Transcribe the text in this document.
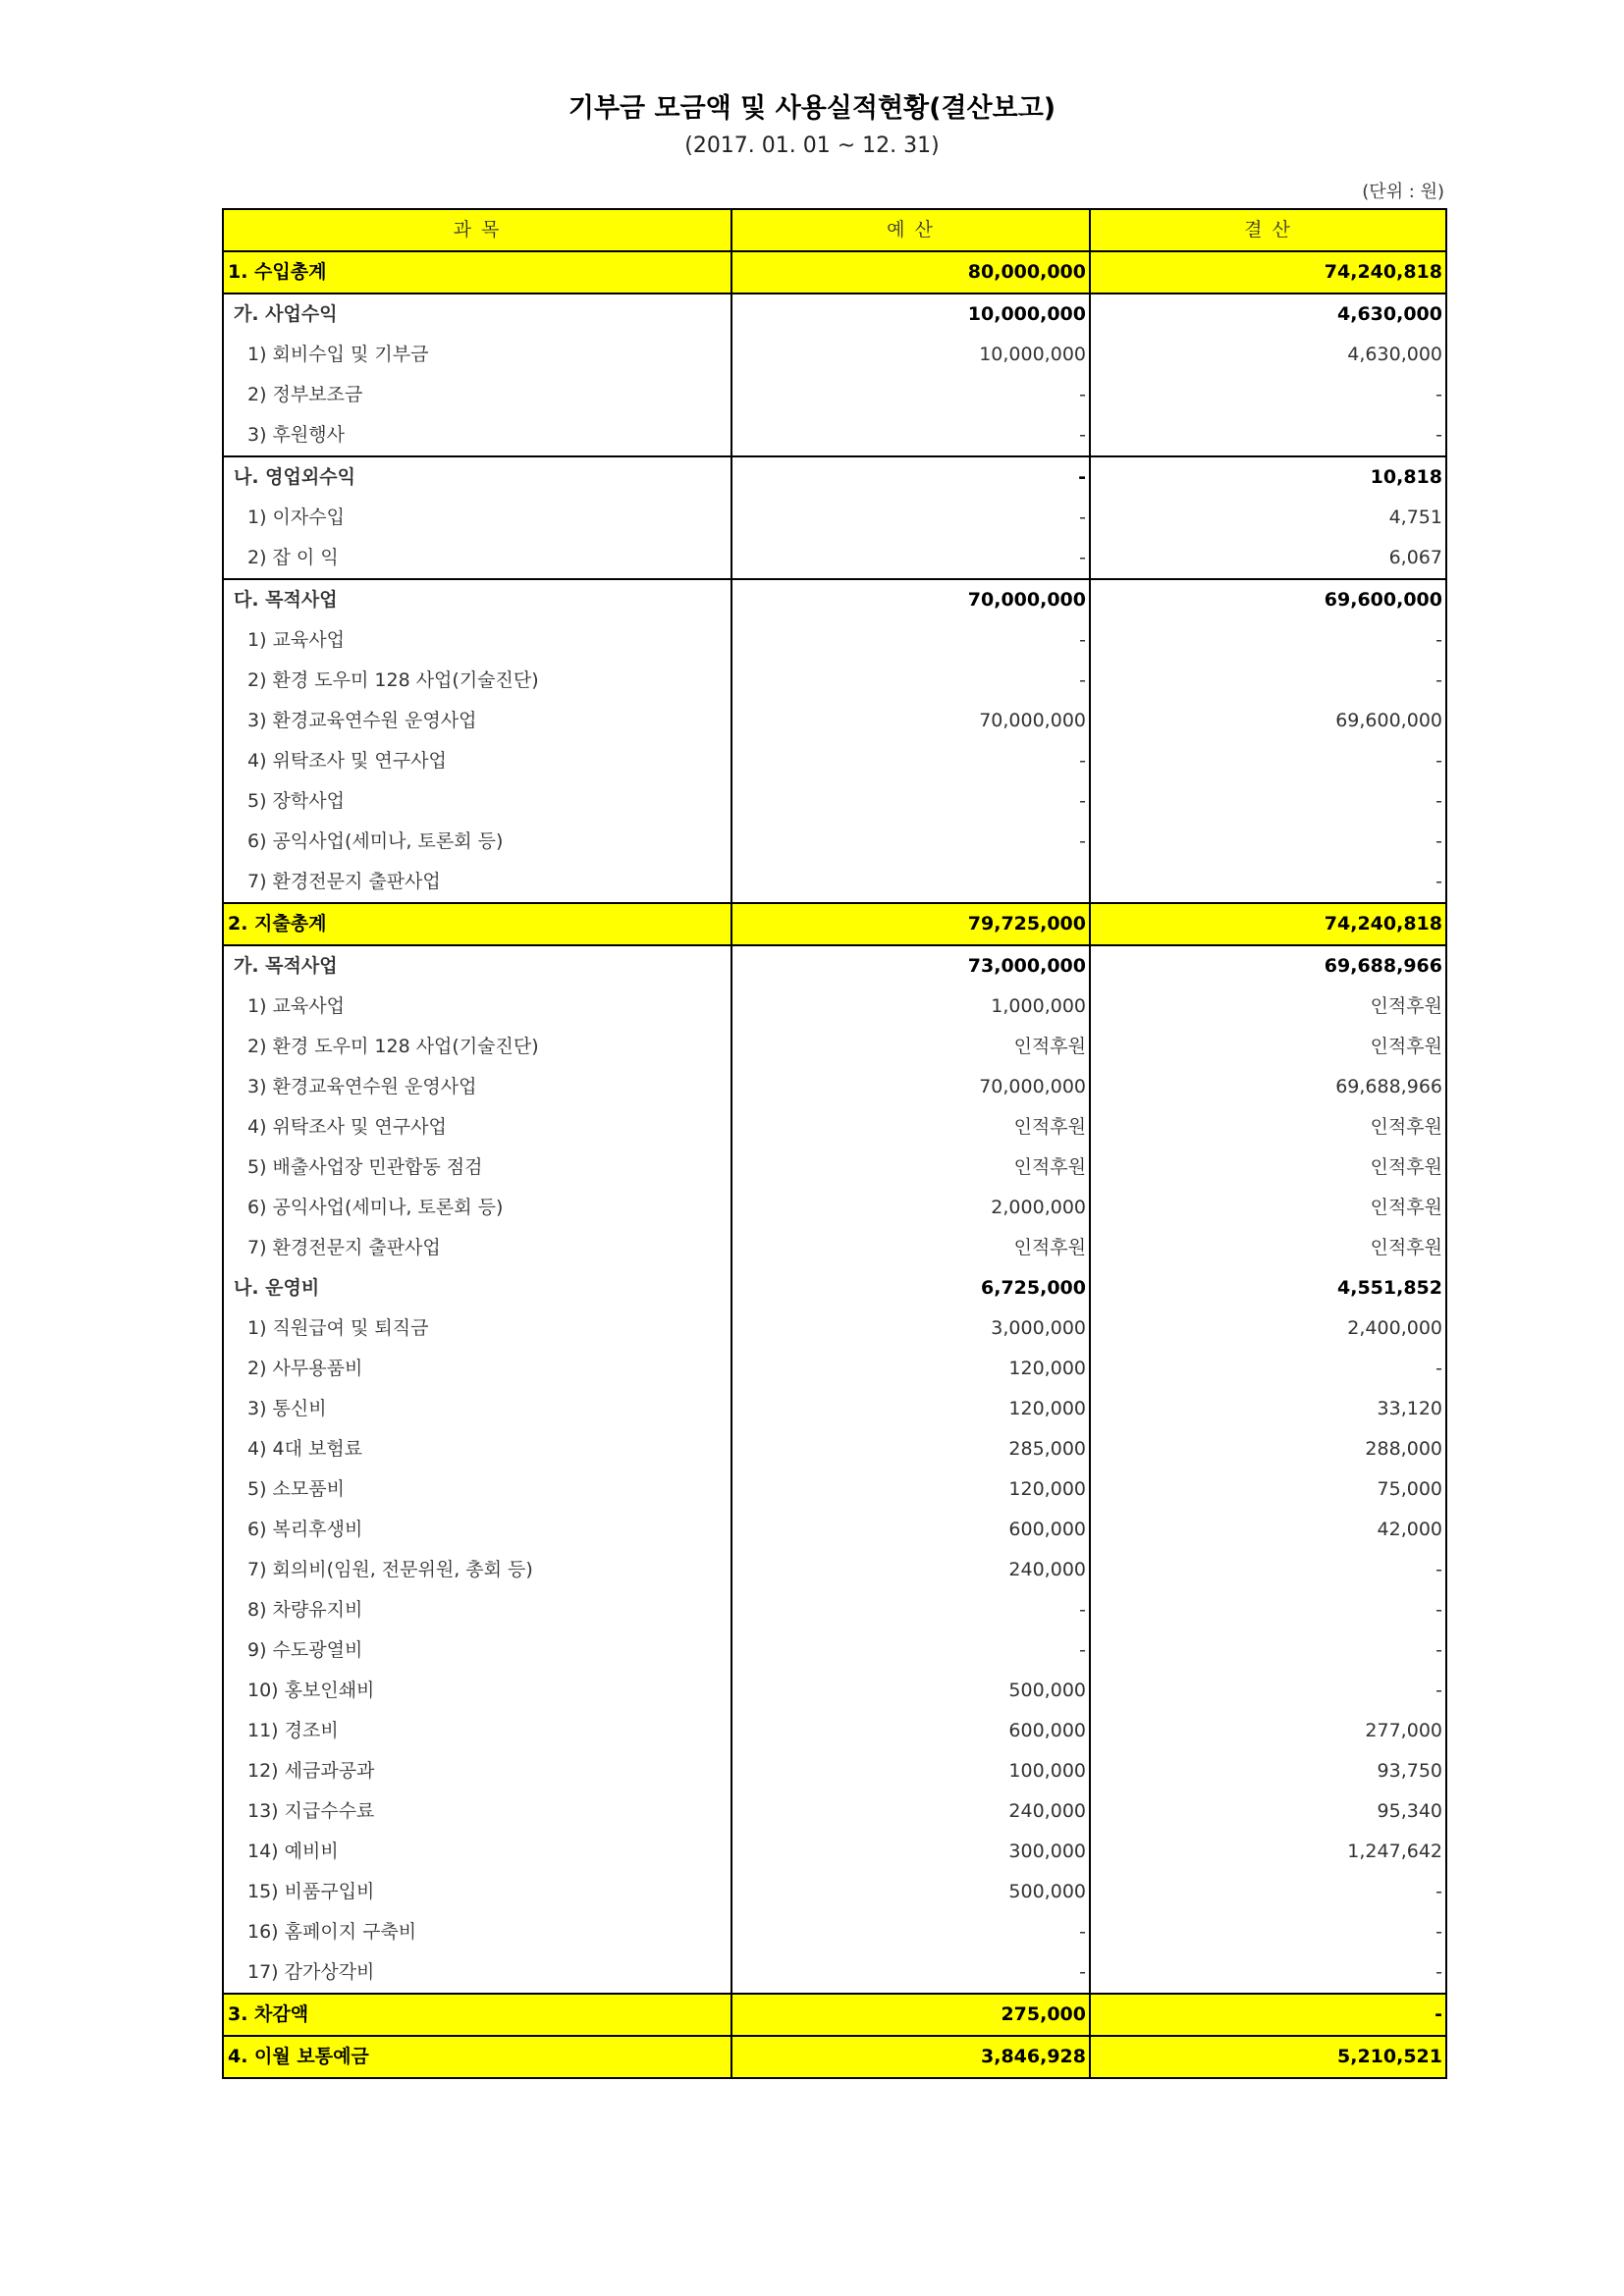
기부금 모금액 및 사용실적현황(결산보고)
(2017. 01. 01 ~ 12. 31)
(단위 : 원)
과 목	예 산	결 산
1. 수입총계	80,000,000	74,240,818
가. 사업수익	10,000,000	4,630,000
1) 회비수입 및 기부금	10,000,000	4,630,000
2) 정부보조금	-	-
3) 후원행사	-	-
나. 영업외수익	-	10,818
1) 이자수입	-	4,751
2) 잡 이 익	-	6,067
다. 목적사업	70,000,000	69,600,000
1) 교육사업	-	-
2) 환경 도우미 128 사업(기술진단)	-	-
3) 환경교육연수원 운영사업	70,000,000	69,600,000
4) 위탁조사 및 연구사업	-	-
5) 장학사업	-	-
6) 공익사업(세미나, 토론회 등)	-	-
7) 환경전문지 출판사업		-
2. 지출총계	79,725,000	74,240,818
가. 목적사업	73,000,000	69,688,966
1) 교육사업	1,000,000	인적후원
2) 환경 도우미 128 사업(기술진단)	인적후원	인적후원
3) 환경교육연수원 운영사업	70,000,000	69,688,966
4) 위탁조사 및 연구사업	인적후원	인적후원
5) 배출사업장 민관합동 점검	인적후원	인적후원
6) 공익사업(세미나, 토론회 등)	2,000,000	인적후원
7) 환경전문지 출판사업	인적후원	인적후원
나. 운영비	6,725,000	4,551,852
1) 직원급여 및 퇴직금	3,000,000	2,400,000
2) 사무용품비	120,000	-
3) 통신비	120,000	33,120
4) 4대 보험료	285,000	288,000
5) 소모품비	120,000	75,000
6) 복리후생비	600,000	42,000
7) 회의비(임원, 전문위원, 총회 등)	240,000	-
8) 차량유지비	-	-
9) 수도광열비	-	-
10) 홍보인쇄비	500,000	-
11) 경조비	600,000	277,000
12) 세금과공과	100,000	93,750
13) 지급수수료	240,000	95,340
14) 예비비	300,000	1,247,642
15) 비품구입비	500,000	-
16) 홈페이지 구축비	-	-
17) 감가상각비	-	-
3. 차감액	275,000	-
4. 이월 보통예금	3,846,928	5,210,521
